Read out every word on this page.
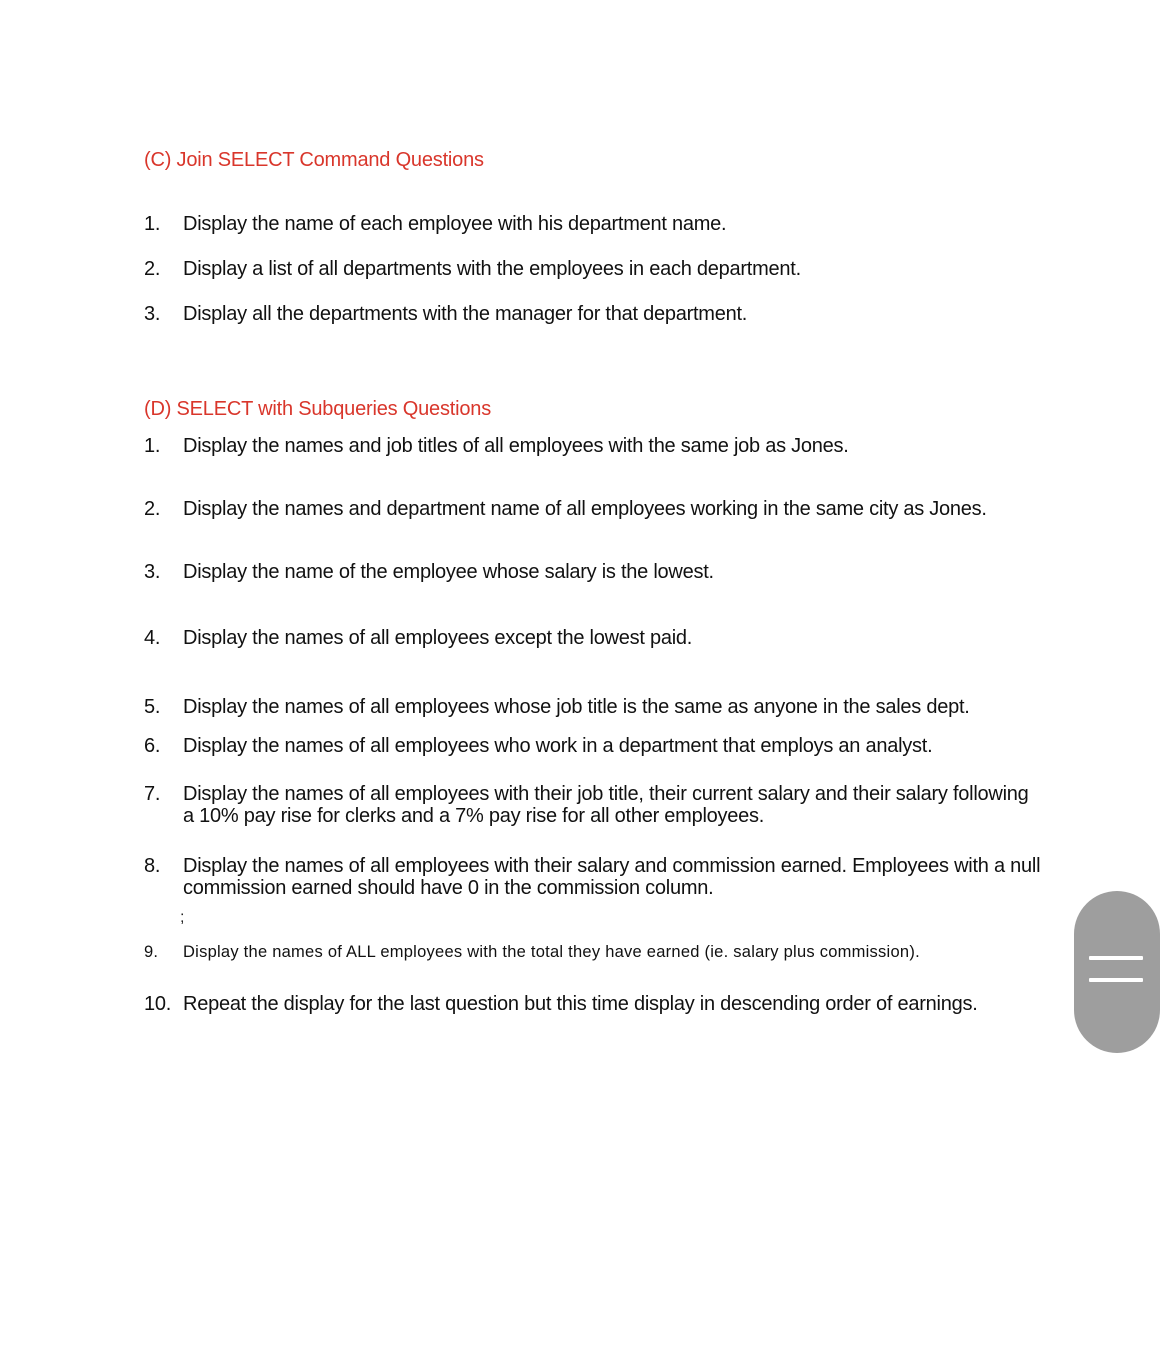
(C) Join SELECT Command Questions
1. Display the name of each employee with his department name.
2. Display a list of all departments with the employees in each department.
3. Display all the departments with the manager for that department.
(D) SELECT with Subqueries Questions
1. Display the names and job titles of all employees with the same job as Jones.
2. Display the names and department name of all employees working in the same city as Jones.
3. Display the name of the employee whose salary is the lowest.
4. Display the names of all employees except the lowest paid.
5. Display the names of all employees whose job title is the same as anyone in the sales dept.
6. Display the names of all employees who work in a department that employs an analyst.
7. Display the names of all employees with their job title, their current salary and their salary following a 10% pay rise for clerks and a 7% pay rise for all other employees.
8. Display the names of all employees with their salary and commission earned. Employees with a null commission earned should have 0 in the commission column.
;
9. Display the names of ALL employees with the total they have earned (ie. salary plus commission).
10. Repeat the display for the last question but this time display in descending order of earnings.
